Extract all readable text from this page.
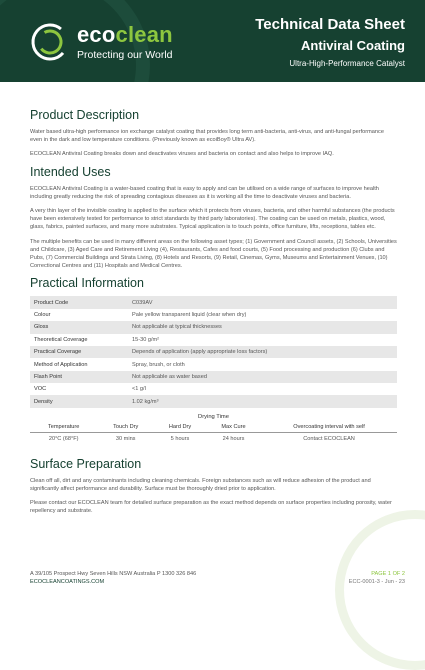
ecoclean
Protecting our World
Technical Data Sheet
Antiviral Coating
Ultra-High-Performance Catalyst
Product Description

Water based ultra-high performance ion exchange catalyst coating that provides long term anti-bacteria, anti-virus, and anti-fungal performance even in the dark and low temperature conditions. (Previously known as ecoiBoy® Ultra AV).

ECOCLEAN Antiviral Coating breaks down and deactivates viruses and bacteria on contact and also helps to improve IAQ.

Intended Uses

ECOCLEAN Antiviral Coating is a water-based coating that is easy to apply and can be utilised on a wide range of surfaces to improve health including greatly reducing the risk of spreading contagious diseases as it is working all the time to deactivate viruses and bacteria.

A very thin layer of the invisible coating is applied to the surface which it protects from viruses, bacteria, and other harmful substances (the products have been extensively tested for performance to strict standards by third party laboratories). The coating can be used on metals, plastics, wood, glass, fabrics, painted surfaces, and many more substrates. Typical application is to touch points, office furniture, lifts, receptions, tables etc.

The multiple benefits can be used in many different areas on the following asset types; (1) Government and Council assets, (2) Schools, Universities and Childcare, (3) Aged Care and Retirement Living (4), Restaurants, Cafes and food courts, (5) Food processing and production (6) Clubs and Pubs, (7) Commercial Buildings and Strata Living, (8) Hotels and Resorts, (9) Retail, Cinemas, Gyms, Museums and Entertainment Venues, (10) Correctional Centres and (11) Hospitals and Medical Centres.

Practical Information
Product Code	C039AV
Colour	Pale yellow transparent liquid (clear when dry)
Gloss	Not applicable at typical thicknesses
Theoretical Coverage	15-30 g/m²
Practical Coverage	Depends of application (apply appropriate loss factors)
Method of Application	Spray, brush, or cloth
Flash Point	Not applicable as water based
VOC	<1 g/l
Density	1.02 kg/m³
Drying Time
Temperature	Touch Dry	Hard Dry	Max Cure	Overcoating interval with self
20°C (68°F)	30 mins	5 hours	24 hours	Contact ECOCLEAN
Surface Preparation

Clean off all, dirt and any contaminants including cleaning chemicals. Foreign substances such as will reduce adhesion of the product and significantly affect performance and durability. Surface must be thoroughly dried prior to application.

Please contact our ECOCLEAN team for detailed surface preparation as the exact method depends on surface properties including porosity, water repellency and substrate.

A 39/105 Prospect Hwy Seven Hills NSW Australia P 1300 326 846
ECOCLEANCOATINGS.COM
PAGE 1 OF 2
ECC-0001-3 - Jun - 23
